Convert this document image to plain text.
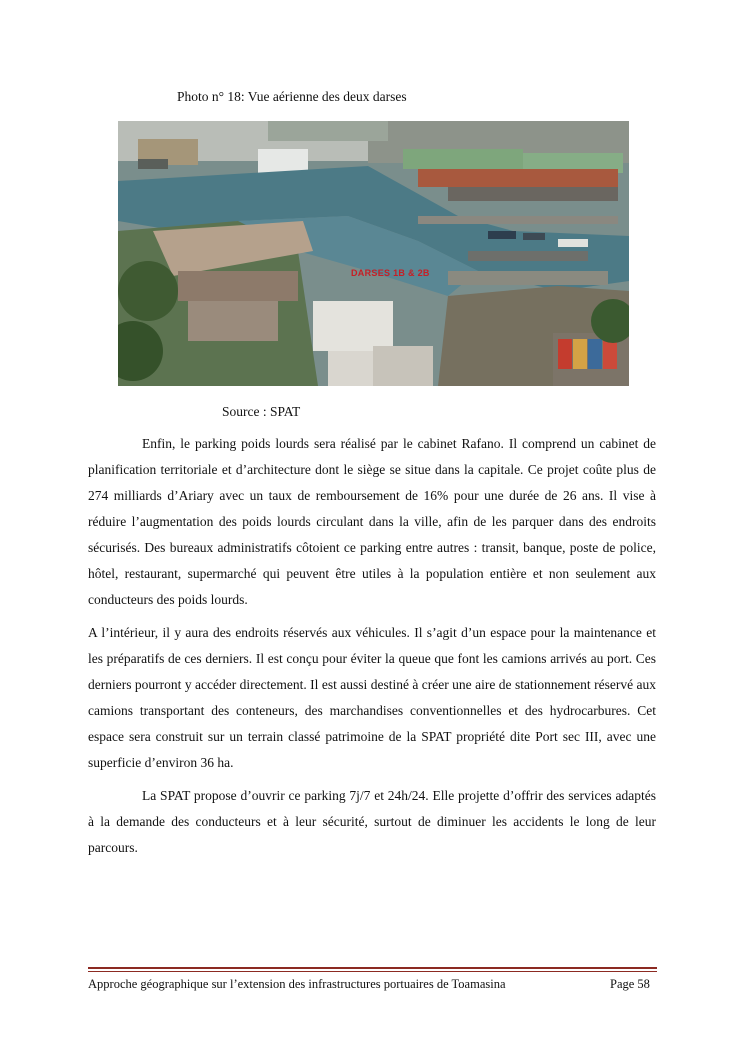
Photo n° 18: Vue aérienne des deux darses
DARSES 1B & 2B
Source : SPAT

Enfin, le parking poids lourds sera réalisé par le cabinet Rafano. Il comprend un cabinet de planification territoriale et d’architecture dont le siège se situe dans la capitale. Ce projet coûte plus de 274 milliards d’Ariary avec un taux de remboursement de 16% pour une durée de 26 ans. Il vise à réduire l’augmentation des poids lourds circulant dans la ville, afin de les parquer dans des endroits sécurisés. Des bureaux administratifs côtoient ce parking entre autres : transit, banque, poste de police, hôtel, restaurant, supermarché qui peuvent être utiles à la population entière et non seulement aux conducteurs des poids lourds.

A l’intérieur, il y aura des endroits réservés aux véhicules. Il s’agit d’un espace pour la maintenance et les préparatifs de ces derniers. Il est conçu pour éviter la queue que font les camions arrivés au port. Ces derniers pourront y accéder directement. Il est aussi destiné à créer une aire de stationnement réservé aux camions transportant des conteneurs, des marchandises conventionnelles et des hydrocarbures. Cet espace sera construit sur un terrain classé patrimoine de la SPAT propriété dite Port sec III, avec une superficie d’environ 36 ha.

La SPAT propose d’ouvrir ce parking 7j/7 et 24h/24. Elle projette d’offrir des services adaptés à la demande des conducteurs et à leur sécurité, surtout de diminuer les accidents le long de leur parcours.

Approche géographique sur l’extension des infrastructures portuaires de Toamasina	Page 58
